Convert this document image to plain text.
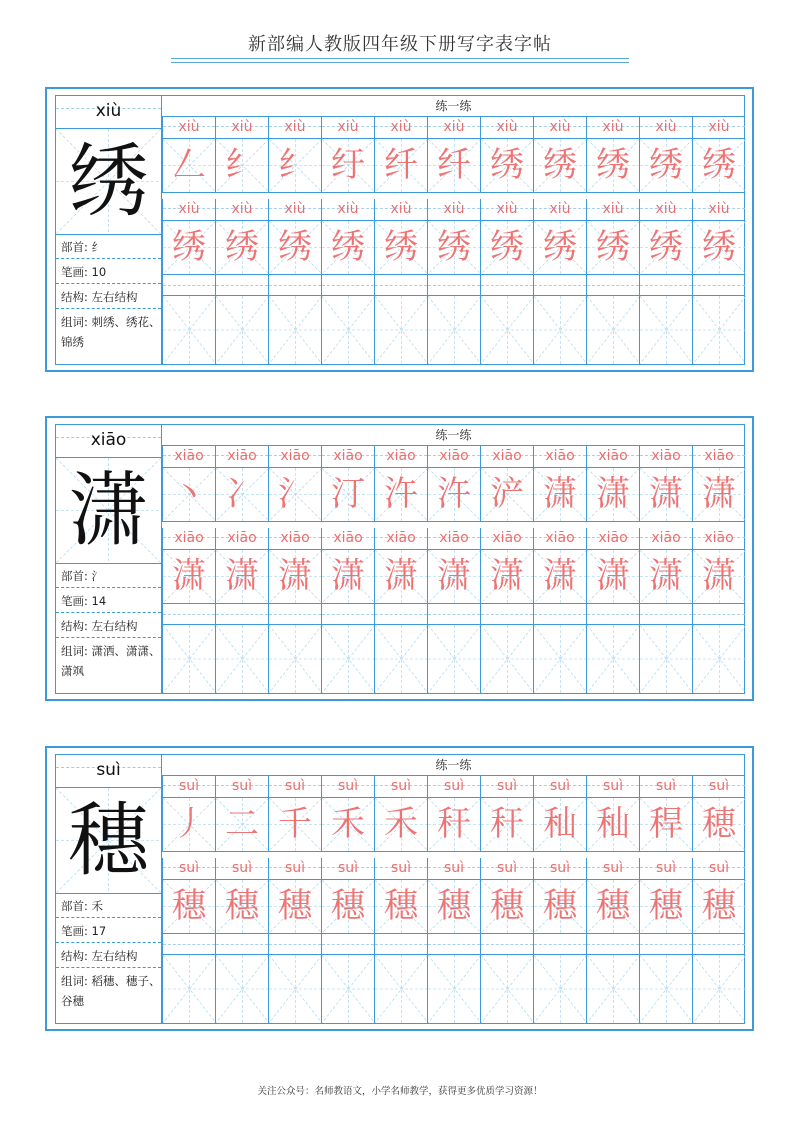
新部编人教版四年级下册写字表字帖
xiù
绣
部首: 纟
笔画: 10
结构: 左右结构
组词: 刺绣、绣花、锦绣
练一练
xiù	xiù	xiù	xiù	xiù	xiù	xiù	xiù	xiù	xiù	xiù
𠃋 纟 纟 纡 纤 纤 绣 绣 绣 绣 绣
xiù	xiù	xiù	xiù	xiù	xiù	xiù	xiù	xiù	xiù	xiù
绣 绣 绣 绣 绣 绣 绣 绣 绣 绣 绣
xiāo
潇
部首: 氵
笔画: 14
结构: 左右结构
组词: 潇洒、潇潇、潇飒
练一练
xiāo	xiāo	xiāo	xiāo	xiāo	xiāo	xiāo	xiāo	xiāo	xiāo	xiāo
丶 冫 氵 汀 汻 汻 浐 潇 潇 潇 潇
xiāo	xiāo	xiāo	xiāo	xiāo	xiāo	xiāo	xiāo	xiāo	xiāo	xiāo
潇 潇 潇 潇 潇 潇 潇 潇 潇 潇 潇
suì
穗
部首: 禾
笔画: 17
结构: 左右结构
组词: 稻穗、穗子、谷穗
练一练
suì	suì	suì	suì	suì	suì	suì	suì	suì	suì	suì
丿 二 千 禾 禾 秆 秆 秈 秈 稈 穂
suì	suì	suì	suì	suì	suì	suì	suì	suì	suì	suì
穗 穗 穗 穗 穗 穗 穗 穗 穗 穗 穗
关注公众号：名师教语文，小学名师教学，获得更多优质学习资源！
